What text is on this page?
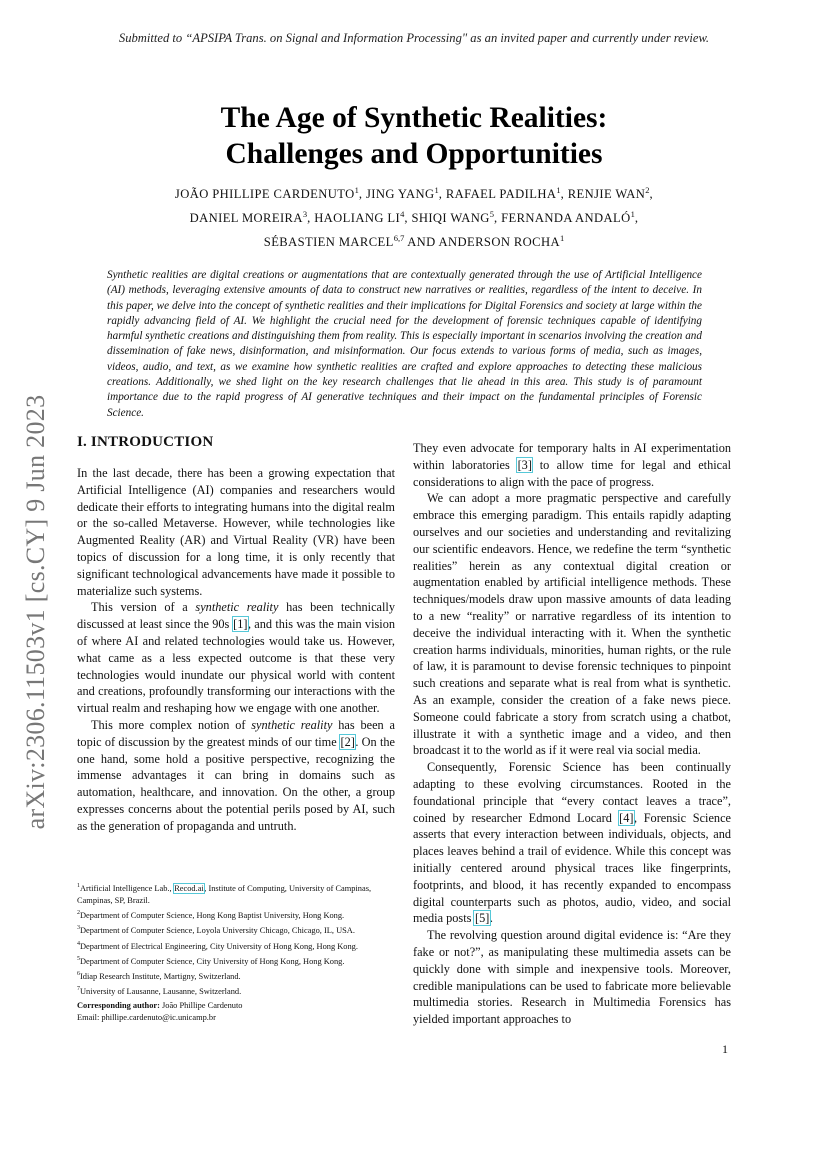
Submitted to “APSIPA Trans. on Signal and Information Processing" as an invited paper and currently under review.
The Age of Synthetic Realities:
Challenges and Opportunities
JOÃO PHILLIPE CARDENUTO$^1$, JING YANG$^1$, RAFAEL PADILHA$^1$, RENJIE WAN$^2$,
DANIEL MOREIRA$^3$, HAOLIANG $LI^4$, SHIQI WANG$^5$, FERNANDA ANDALÓ$^1$,
SÉBASTIEN MARCEL$^{6,7}$ AND ANDERSON ROCHA$^1$
arXiv:2306.11503v1 [cs.CY] 9 Jun 2023
Synthetic realities are digital creations or augmentations that are contextually generated through the use of Artificial Intelligence (AI) methods, leveraging extensive amounts of data to construct new narratives or realities, regardless of the intent to deceive. In this paper, we delve into the concept of synthetic realities and their implications for Digital Forensics and society at large within the rapidly advancing field of AI. We highlight the crucial need for the development of forensic techniques capable of identifying harmful synthetic creations and distinguishing them from reality. This is especially important in scenarios involving the creation and dissemination of fake news, disinformation, and misinformation. Our focus extends to various forms of media, such as images, videos, audio, and text, as we examine how synthetic realities are crafted and explore approaches to detecting these malicious creations. Additionally, we shed light on the key research challenges that lie ahead in this area. This study is of paramount importance due to the rapid progress of AI generative techniques and their impact on the fundamental principles of Forensic Science.
I. INTRODUCTION

In the last decade, there has been a growing expectation that Artificial Intelligence (AI) companies and researchers would dedicate their efforts to integrating humans into the digital realm or the so-called Metaverse. However, while technologies like Augmented Reality (AR) and Virtual Reality (VR) have been topics of discussion for a long time, it is only recently that significant technological advancements have made it possible to materialize such systems.

This version of a synthetic reality has been technically discussed at least since the 90s [1], and this was the main vision of where AI and related technologies would take us. However, what came as a less expected outcome is that these very technologies would inundate our physical world with content and creations, profoundly transforming our interactions with the virtual realm and reshaping how we engage with one another.

This more complex notion of synthetic reality has been a topic of discussion by the greatest minds of our time [2]. On the one hand, some hold a positive perspective, recognizing the immense advantages it can bring in domains such as automation, healthcare, and innovation. On the other, a group expresses concerns about the potential perils posed by AI, such as the generation of propaganda and untruth.

They even advocate for temporary halts in AI experimentation within laboratories [3] to allow time for legal and ethical considerations to align with the pace of progress.

We can adopt a more pragmatic perspective and carefully embrace this emerging paradigm. This entails rapidly adapting ourselves and our societies and understanding and revitalizing our scientific endeavors. Hence, we redefine the term “synthetic realities” herein as any contextual digital creation or augmentation enabled by artificial intelligence methods. These techniques/models draw upon massive amounts of data leading to a new “reality” or narrative regardless of its intention to deceive the individual interacting with it. When the synthetic creation harms individuals, minorities, human rights, or the rule of law, it is paramount to devise forensic techniques to pinpoint such creations and separate what is real from what is synthetic. As an example, consider the creation of a fake news piece. Someone could fabricate a story from scratch using a chatbot, illustrate it with a synthetic image and a video, and then broadcast it to the world as if it were real via social media.

Consequently, Forensic Science has been continually adapting to these evolving circumstances. Rooted in the foundational principle that “every contact leaves a trace”, coined by researcher Edmond Locard [4], Forensic Science asserts that every interaction between individuals, objects, and places leaves behind a trail of evidence. While this concept was initially centered around physical traces like fingerprints, footprints, and blood, it has recently expanded to encompass digital counterparts such as photos, audio, video, and social media posts [5].

The revolving question around digital evidence is: “Are they fake or not?”, as manipulating these multimedia assets can be quickly done with simple and inexpensive tools. Moreover, credible manipulations can be used to fabricate more believable multimedia stories. Research in Multimedia Forensics has yielded important approaches to

$^1$Artificial Intelligence Lab., Recod.ai, Institute of Computing, University of Campinas, Campinas, SP, Brazil.
$^2$Department of Computer Science, Hong Kong Baptist University, Hong Kong.
$^3$Department of Computer Science, Loyola University Chicago, Chicago, IL, USA.
$^4$Department of Electrical Engineering, City University of Hong Kong, Hong Kong.
$^5$Department of Computer Science, City University of Hong Kong, Hong Kong.
$^6$Idiap Research Institute, Martigny, Switzerland.
$^7$University of Lausanne, Lausanne, Switzerland.
Corresponding author: João Phillipe Cardenuto
Email: phillipe.cardenuto@ic.unicamp.br
1
